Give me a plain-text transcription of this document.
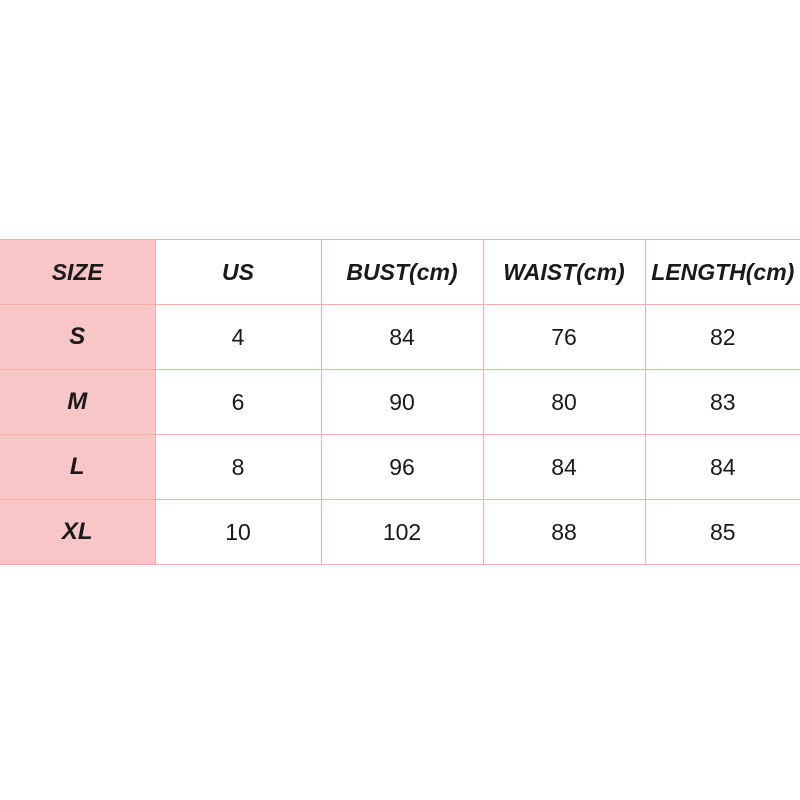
SIZE	US	BUST(cm)	WAIST(cm)	LENGTH(cm)
S	4	84	76	82
M	6	90	80	83
L	8	96	84	84
XL	10	102	88	85
